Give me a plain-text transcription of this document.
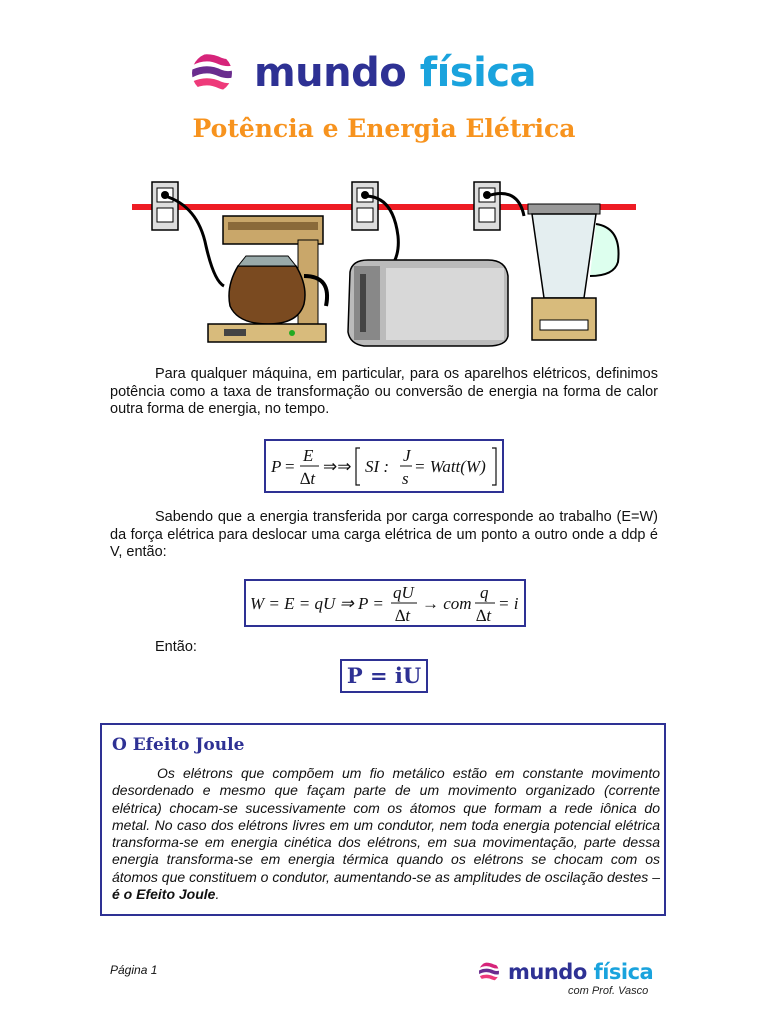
mundo física
Potência e Energia Elétrica
Para qualquer máquina, em particular, para os aparelhos elétricos, definimos potência como a taxa de transformação ou conversão de energia na forma de calor outra forma de energia, no tempo.
P =
E
∆t
⇒⇒ SI :
J
s
= Watt(W)
Sabendo que a energia transferida por carga corresponde ao trabalho (E=W) da força elétrica para deslocar uma carga elétrica de um ponto a outro onde a ddp é V, então:
W = E = qU ⇒ P =
qU
∆t
→ com
q
∆t
= i
Então:
P = iU
O Efeito Joule
Os elétrons que compõem um fio metálico estão em constante movimento desordenado e mesmo que façam parte de um movimento organizado (corrente elétrica) chocam-se sucessivamente com os átomos que formam a rede iônica do metal. No caso dos elétrons livres em um condutor, nem toda energia potencial elétrica transforma-se em energia cinética dos elétrons, em sua movimentação, parte dessa energia transforma-se em energia térmica quando os elétrons se chocam com os átomos que constituem o condutor, aumentando-se as amplitudes de oscilação destes – é o Efeito Joule.
Página 1	mundo física
com Prof. Vasco
